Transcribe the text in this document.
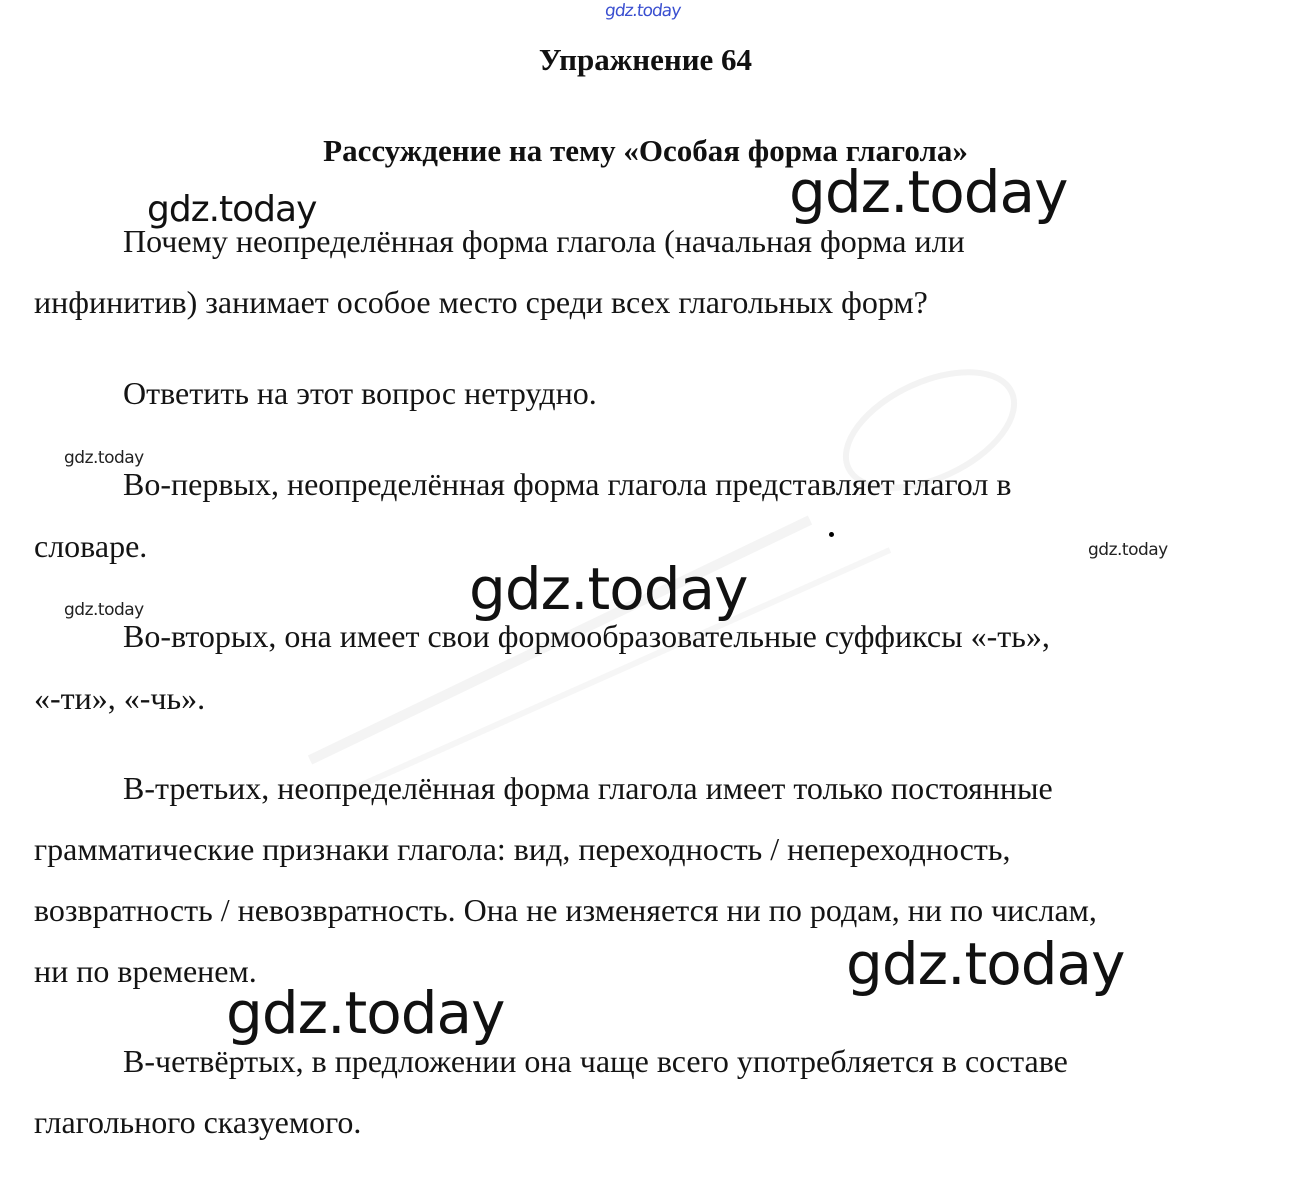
gdz.today
gdz.today
gdz.today
gdz.today
gdz.today
gdz.today
gdz.today
gdz.today
gdz.today
Упражнение 64
Рассуждение на тему «Особая форма глагола»

Почему неопределённая форма глагола (начальная форма или

инфинитив) занимает особое место среди всех глагольных форм?

Ответить на этот вопрос нетрудно.

Во-первых, неопределённая форма глагола представляет глагол в

словаре.

Во-вторых, она имеет свои формообразовательные суффиксы «-ть»,

«-ти», «-чь».

В-третьих, неопределённая форма глагола имеет только постоянные

грамматические признаки глагола: вид, переходность / непереходность,

возвратность / невозвратность. Она не изменяется ни по родам, ни по числам,

ни по временем.

В-четвёртых, в предложении она чаще всего употребляется в составе

глагольного сказуемого.
